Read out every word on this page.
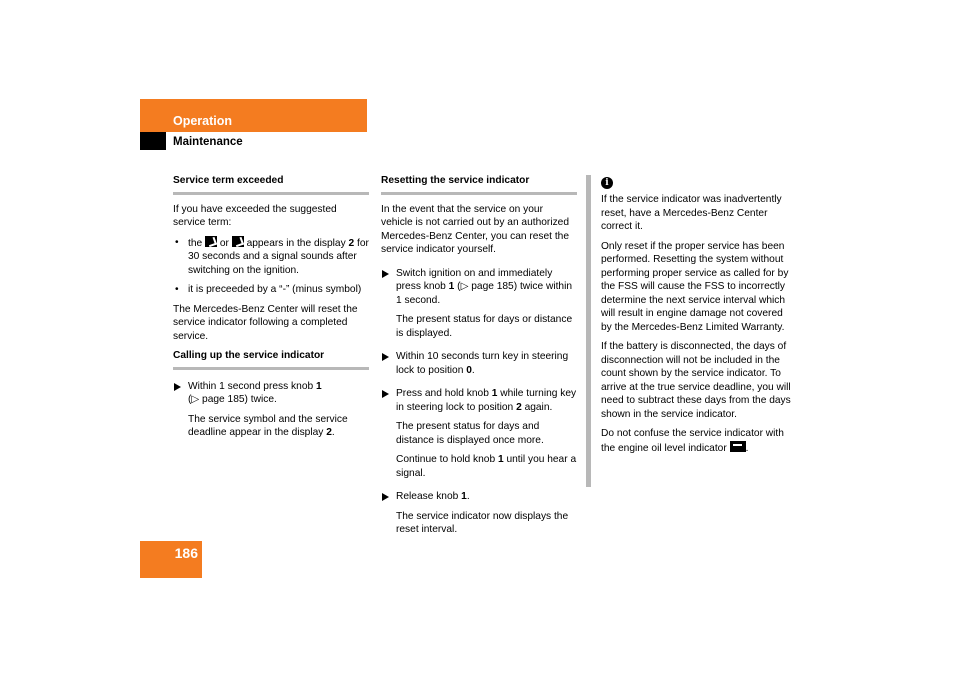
Operation
Maintenance
Service term exceeded

If you have exceeded the suggested service term:

• the  or  appears in the display 2 for 30 seconds and a signal sounds after switching on the ignition.
• it is preceeded by a “-” (minus symbol)

The Mercedes-Benz Center will reset the service indicator following a completed service.

Calling up the service indicator
Within 1 second press knob 1
(▷ page 185) twice.
The service symbol and the service deadline appear in the display 2.
Resetting the service indicator

In the event that the service on your vehicle is not carried out by an authorized Mercedes-Benz Center, you can reset the service indicator yourself.

Switch ignition on and immediately press knob 1 (▷ page 185) twice within 1 second.
The present status for days or distance is displayed.
Within 10 seconds turn key in steering lock to position 0.
Press and hold knob 1 while turning key in steering lock to position 2 again.
The present status for days and distance is displayed once more.
Continue to hold knob 1 until you hear a signal.
Release knob 1.
The service indicator now displays the reset interval.
i

If the service indicator was inadvertently reset, have a Mercedes-Benz Center correct it.

Only reset if the proper service has been performed. Resetting the system without performing proper service as called for by the FSS will cause the FSS to incorrectly determine the next service interval which will result in engine damage not covered by the Mercedes-Benz Limited Warranty.

If the battery is disconnected, the days of disconnection will not be included in the count shown by the service indicator. To arrive at the true service deadline, you will need to subtract these days from the days shown in the service indicator.

Do not confuse the service indicator with the engine oil level indicator .

186
